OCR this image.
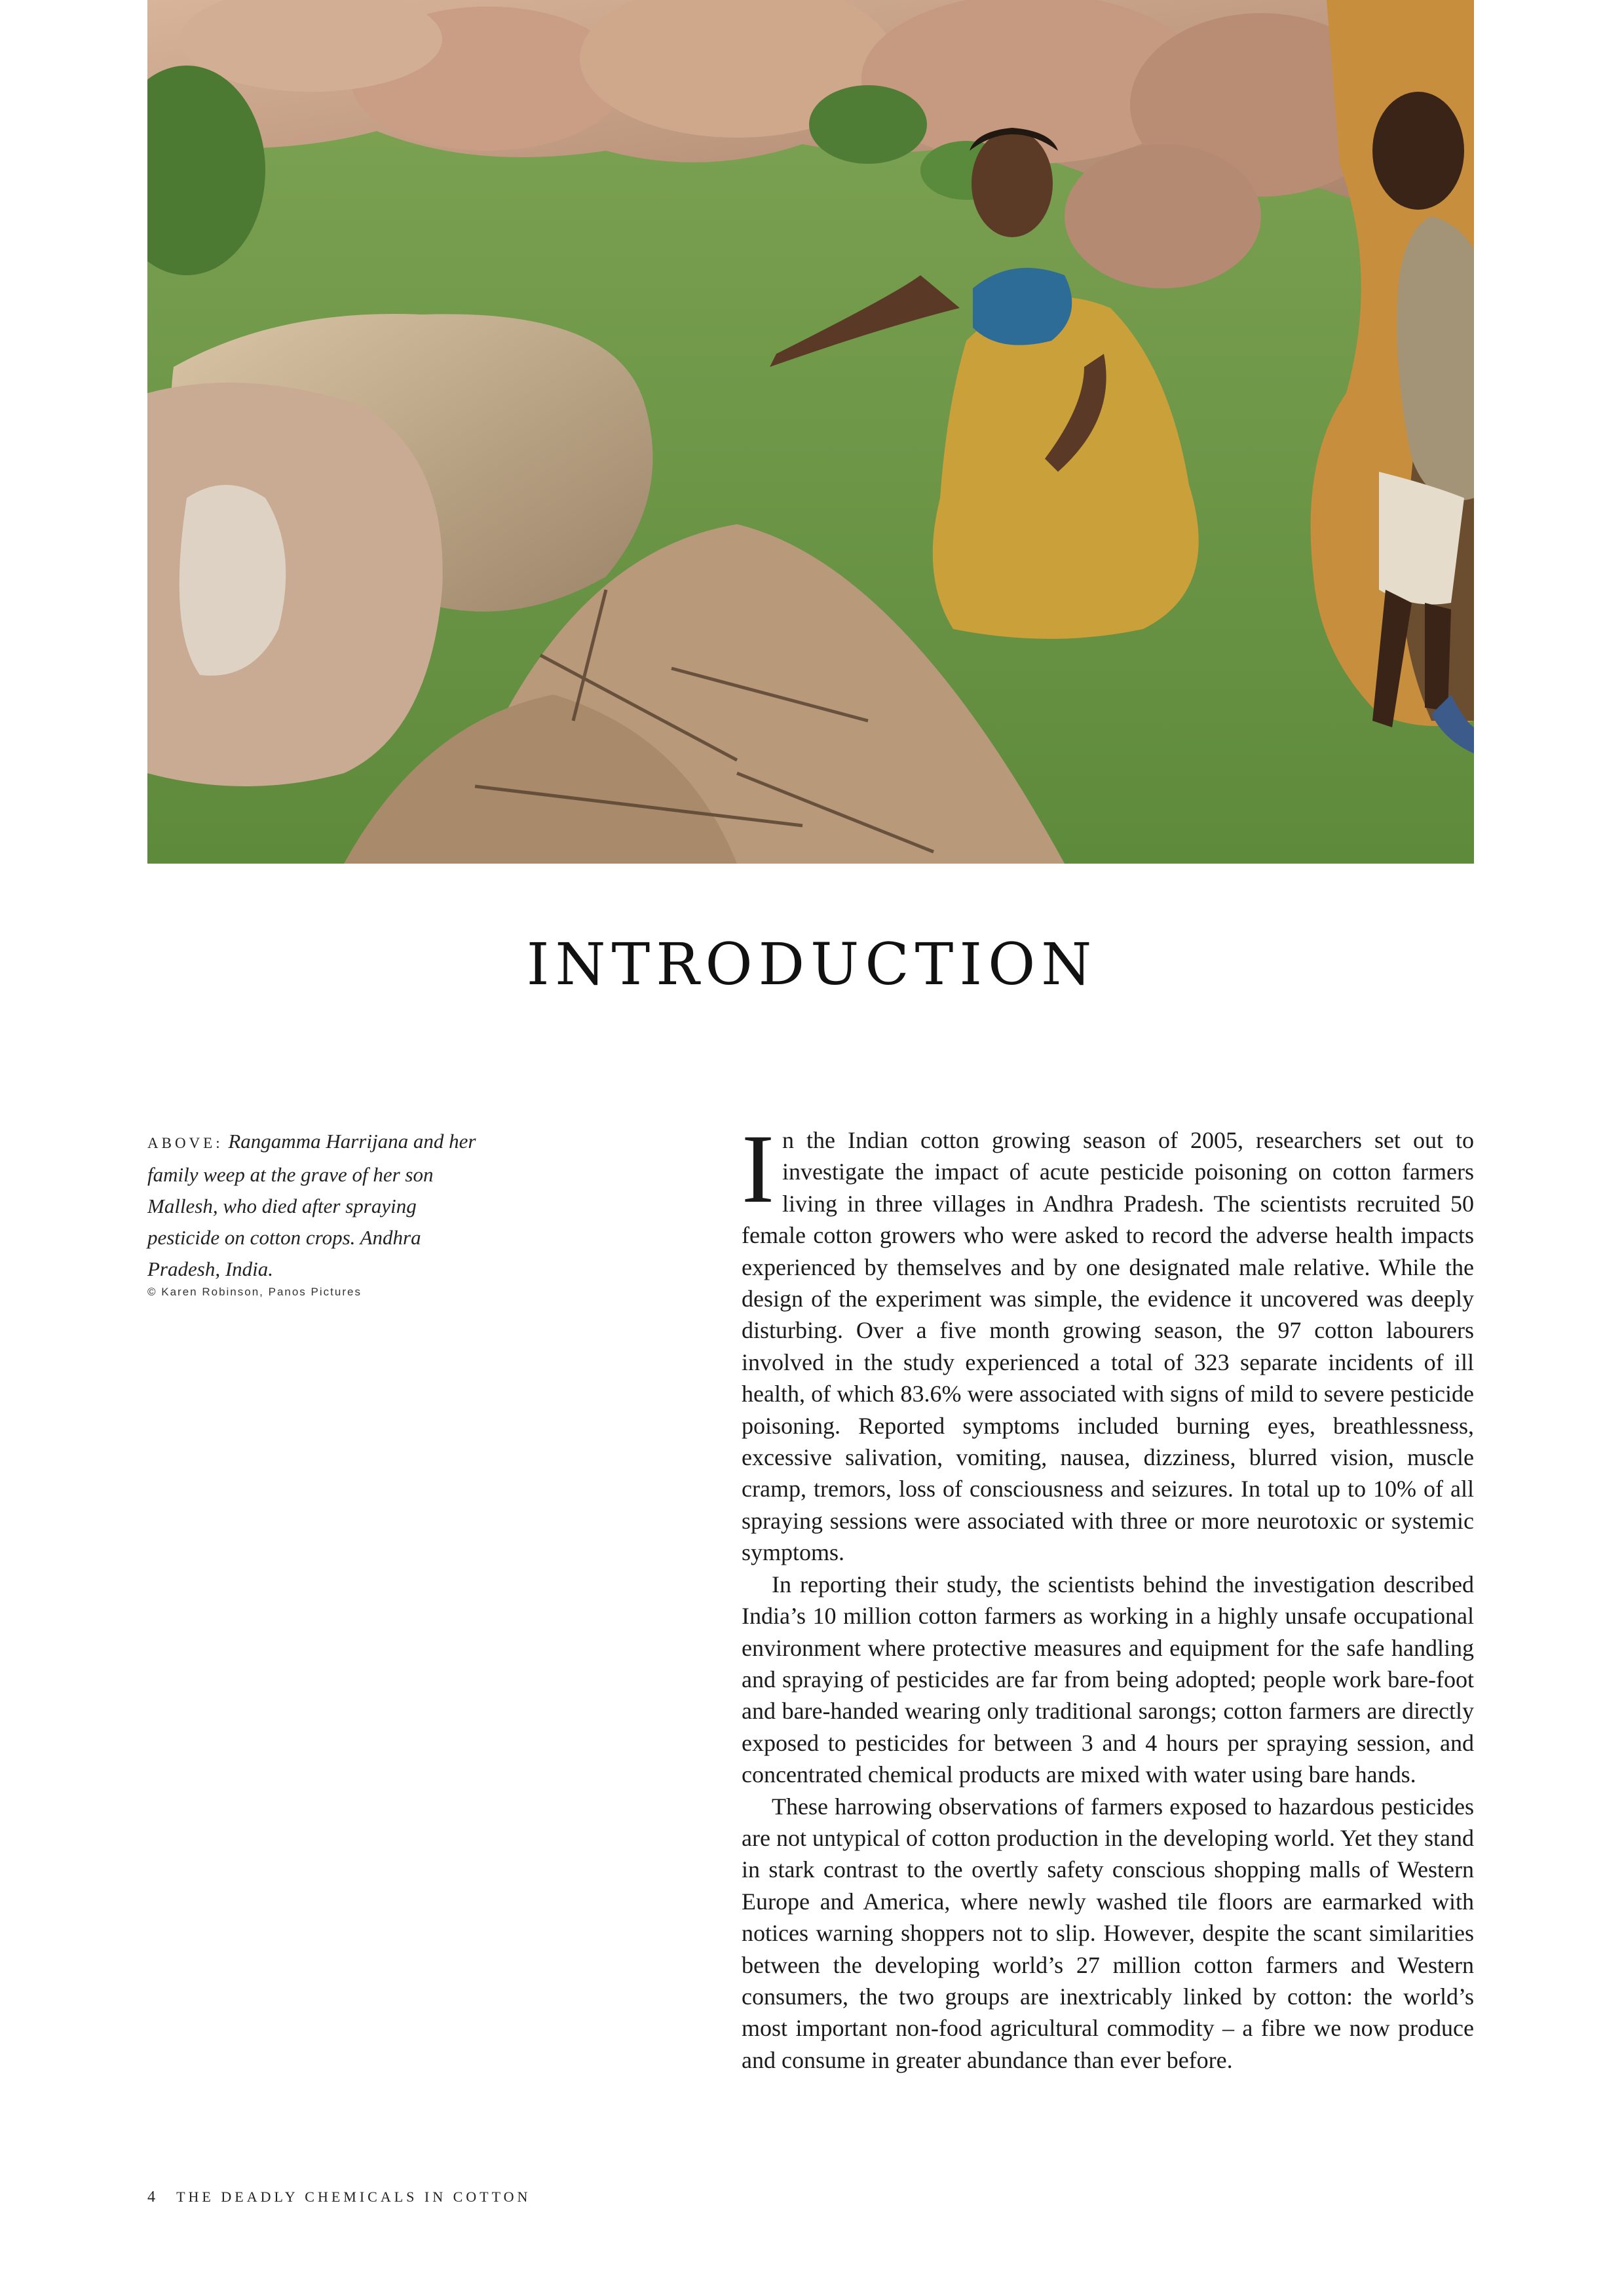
INTRODUCTION
ABOVE: Rangamma Harrijana and her family weep at the grave of her son Mallesh, who died after spraying pesticide on cotton crops. Andhra Pradesh, India.
© Karen Robinson, Panos Pictures

In the Indian cotton growing season of 2005, researchers set out to investigate the impact of acute pesticide poisoning on cotton farmers living in three villages in Andhra Pradesh. The scientists recruited 50 female cotton growers who were asked to record the adverse health impacts experienced by themselves and by one designated male relative. While the design of the experiment was simple, the evidence it uncovered was deeply disturbing. Over a five month growing season, the 97 cotton labourers involved in the study experienced a total of 323 separate incidents of ill health, of which 83.6% were associated with signs of mild to severe pesticide poisoning. Reported symptoms included burning eyes, breathlessness, excessive salivation, vomiting, nausea, dizziness, blurred vision, muscle cramp, tremors, loss of consciousness and seizures. In total up to 10% of all spraying sessions were associated with three or more neurotoxic or systemic symptoms.

In reporting their study, the scientists behind the investigation described India’s 10 million cotton farmers as working in a highly unsafe occupational environment where protective measures and equipment for the safe handling and spraying of pesticides are far from being adopted; people work bare-foot and bare-handed wearing only traditional sarongs; cotton farmers are directly exposed to pesticides for between 3 and 4 hours per spraying session, and concentrated chemical products are mixed with water using bare hands.

These harrowing observations of farmers exposed to hazardous pesticides are not untypical of cotton production in the developing world. Yet they stand in stark contrast to the overtly safety conscious shopping malls of Western Europe and America, where newly washed tile floors are earmarked with notices warning shoppers not to slip. However, despite the scant similarities between the developing world’s 27 million cotton farmers and Western consumers, the two groups are inextricably linked by cotton: the world’s most important non-food agricultural commodity – a fibre we now produce and consume in greater abundance than ever before.

4 THE DEADLY CHEMICALS IN COTTON
